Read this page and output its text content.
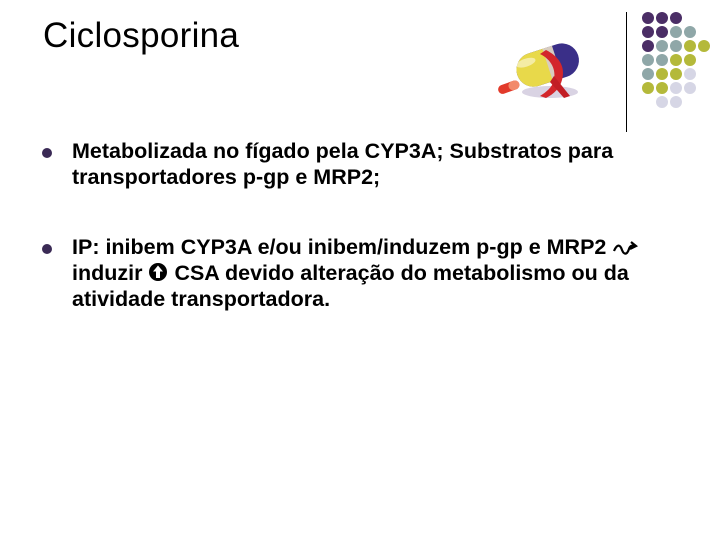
Ciclosporina
Metabolizada no fígado pela CYP3A; Substratos para transportadores p-gp e MRP2;
IP: inibem CYP3A e/ou inibem/induzem p-gp e MRP2  induzir CSA devido alteração do metabolismo ou da atividade transportadora.
